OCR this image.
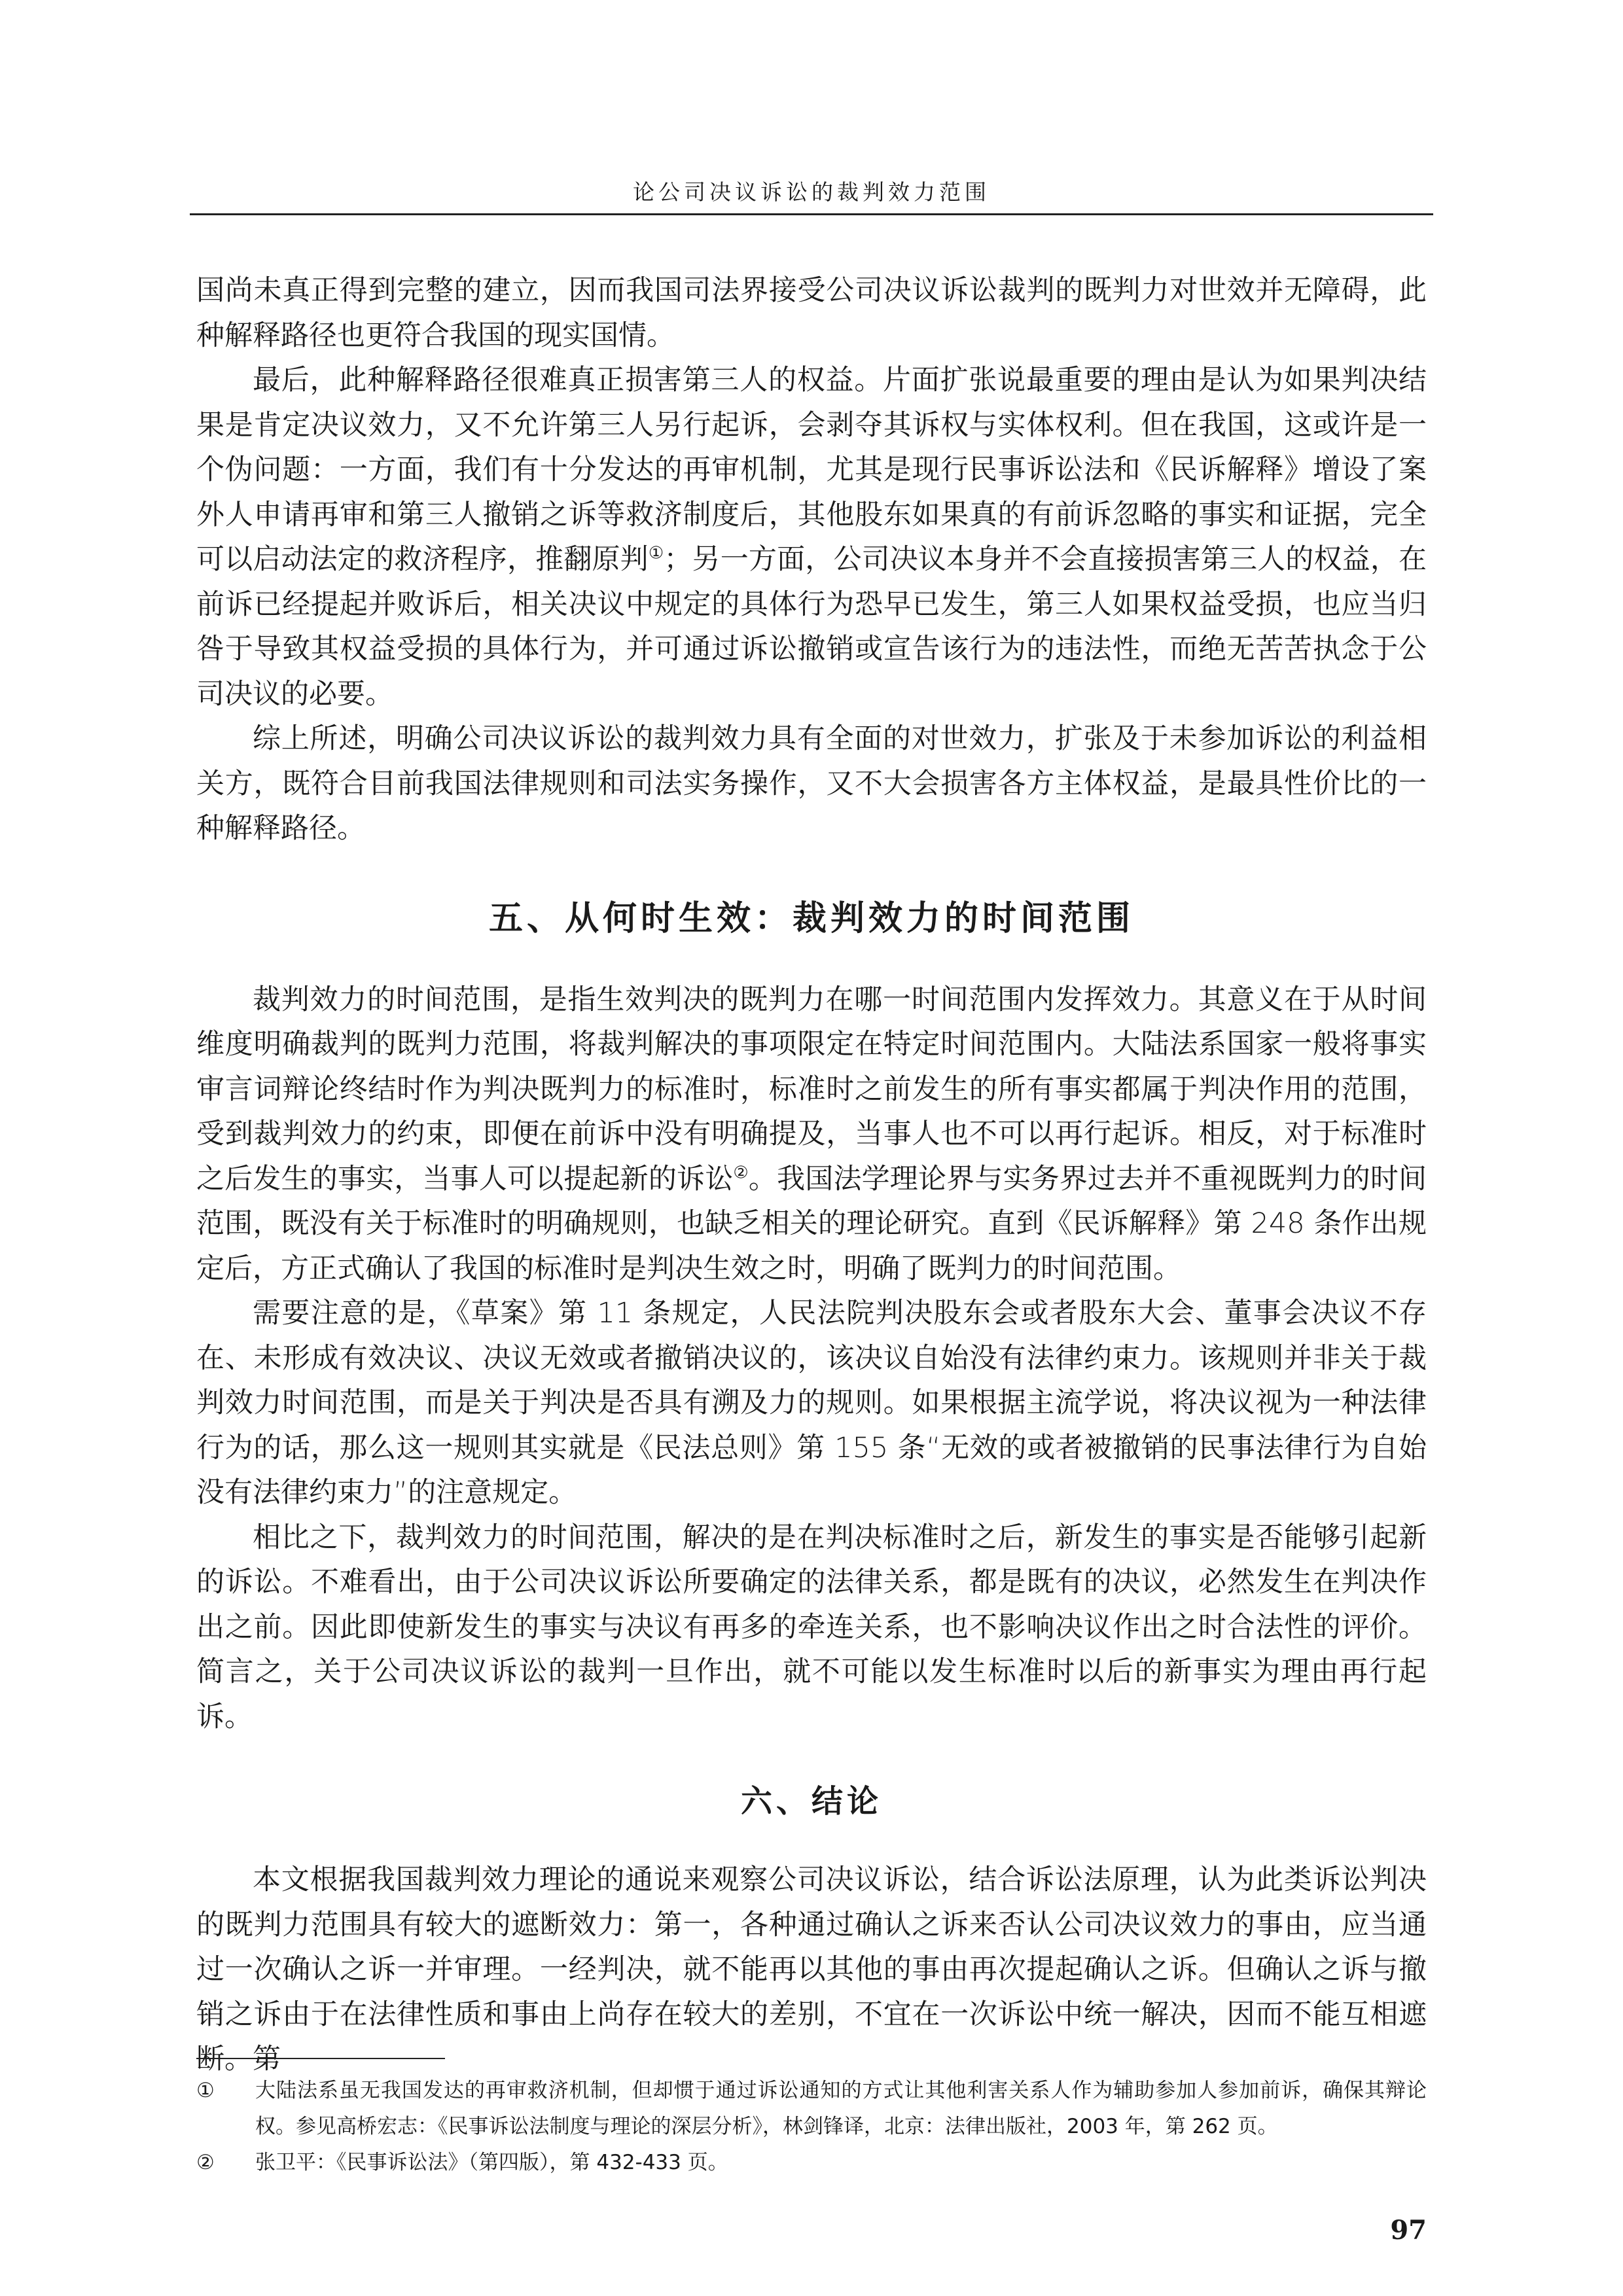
论公司决议诉讼的裁判效力范围

国尚未真正得到完整的建立，因而我国司法界接受公司决议诉讼裁判的既判力对世效并无障碍，此种解释路径也更符合我国的现实国情。

最后，此种解释路径很难真正损害第三人的权益。片面扩张说最重要的理由是认为如果判决结果是肯定决议效力，又不允许第三人另行起诉，会剥夺其诉权与实体权利。但在我国，这或许是一个伪问题：一方面，我们有十分发达的再审机制，尤其是现行民事诉讼法和《民诉解释》增设了案外人申请再审和第三人撤销之诉等救济制度后，其他股东如果真的有前诉忽略的事实和证据，完全可以启动法定的救济程序，推翻原判①；另一方面，公司决议本身并不会直接损害第三人的权益，在前诉已经提起并败诉后，相关决议中规定的具体行为恐早已发生，第三人如果权益受损，也应当归咎于导致其权益受损的具体行为，并可通过诉讼撤销或宣告该行为的违法性，而绝无苦苦执念于公司决议的必要。

综上所述，明确公司决议诉讼的裁判效力具有全面的对世效力，扩张及于未参加诉讼的利益相关方，既符合目前我国法律规则和司法实务操作，又不大会损害各方主体权益，是最具性价比的一种解释路径。

五、从何时生效：裁判效力的时间范围

裁判效力的时间范围，是指生效判决的既判力在哪一时间范围内发挥效力。其意义在于从时间维度明确裁判的既判力范围，将裁判解决的事项限定在特定时间范围内。大陆法系国家一般将事实审言词辩论终结时作为判决既判力的标准时，标准时之前发生的所有事实都属于判决作用的范围，受到裁判效力的约束，即便在前诉中没有明确提及，当事人也不可以再行起诉。相反，对于标准时之后发生的事实，当事人可以提起新的诉讼②。我国法学理论界与实务界过去并不重视既判力的时间范围，既没有关于标准时的明确规则，也缺乏相关的理论研究。直到《民诉解释》第 248 条作出规定后，方正式确认了我国的标准时是判决生效之时，明确了既判力的时间范围。

需要注意的是，《草案》第 11 条规定，人民法院判决股东会或者股东大会、董事会决议不存在、未形成有效决议、决议无效或者撤销决议的，该决议自始没有法律约束力。该规则并非关于裁判效力时间范围，而是关于判决是否具有溯及力的规则。如果根据主流学说，将决议视为一种法律行为的话，那么这一规则其实就是《民法总则》第 155 条“无效的或者被撤销的民事法律行为自始没有法律约束力”的注意规定。

相比之下，裁判效力的时间范围，解决的是在判决标准时之后，新发生的事实是否能够引起新的诉讼。不难看出，由于公司决议诉讼所要确定的法律关系，都是既有的决议，必然发生在判决作出之前。因此即使新发生的事实与决议有再多的牵连关系，也不影响决议作出之时合法性的评价。简言之，关于公司决议诉讼的裁判一旦作出，就不可能以发生标准时以后的新事实为理由再行起诉。

六、结论

本文根据我国裁判效力理论的通说来观察公司决议诉讼，结合诉讼法原理，认为此类诉讼判决的既判力范围具有较大的遮断效力：第一，各种通过确认之诉来否认公司决议效力的事由，应当通过一次确认之诉一并审理。一经判决，就不能再以其他的事由再次提起确认之诉。但确认之诉与撤销之诉由于在法律性质和事由上尚存在较大的差别，不宜在一次诉讼中统一解决，因而不能互相遮断。第

①	大陆法系虽无我国发达的再审救济机制，但却惯于通过诉讼通知的方式让其他利害关系人作为辅助参加人参加前诉，确保其辩论权。参见高桥宏志：《民事诉讼法制度与理论的深层分析》，林剑锋译，北京：法律出版社，2003 年，第 262 页。
②	张卫平：《民事诉讼法》（第四版），第 432-433 页。
97
